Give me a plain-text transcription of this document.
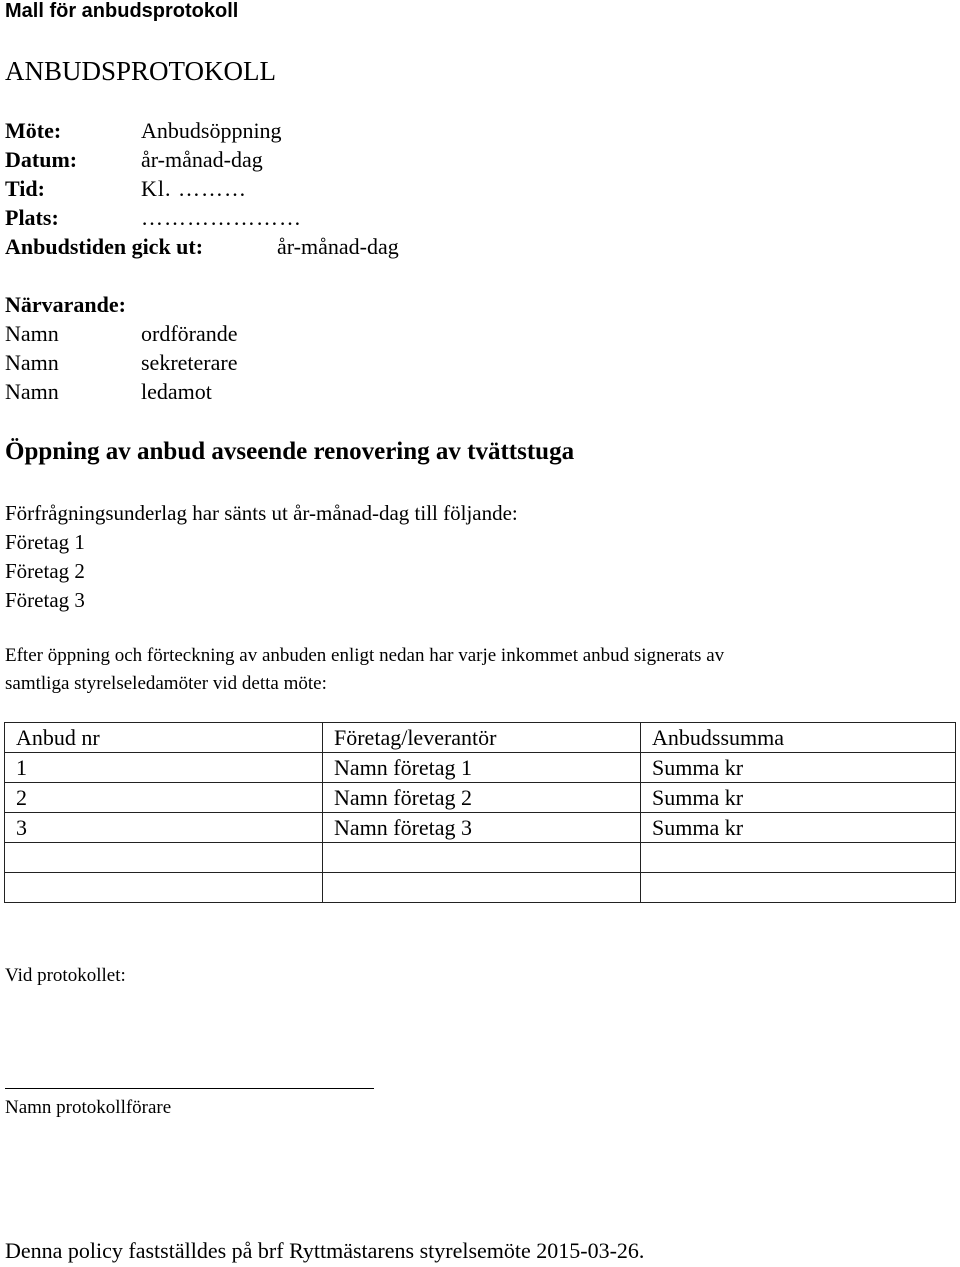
Mall för anbudsprotokoll
ANBUDSPROTOKOLL
Möte:	Anbudsöppning
Datum:	år-månad-dag
Tid:	Kl. ………
Plats:	…………………
Anbudstiden gick ut:	år-månad-dag
Närvarande:
Namn	ordförande
Namn	sekreterare
Namn	ledamot
Öppning av anbud avseende renovering av tvättstuga
Förfrågningsunderlag har sänts ut år-månad-dag till följande:
Företag 1
Företag 2
Företag 3
Efter öppning och förteckning av anbuden enligt nedan har varje inkommet anbud signerats av
samtliga styrelseledamöter vid detta möte:
Anbud nr	Företag/leverantör	Anbudssumma
1	Namn företag 1	Summa kr
2	Namn företag 2	Summa kr
3	Namn företag 3	Summa kr

Vid protokollet:
Namn protokollförare
Denna policy fastställdes på brf Ryttmästarens styrelsemöte 2015-03-26.
